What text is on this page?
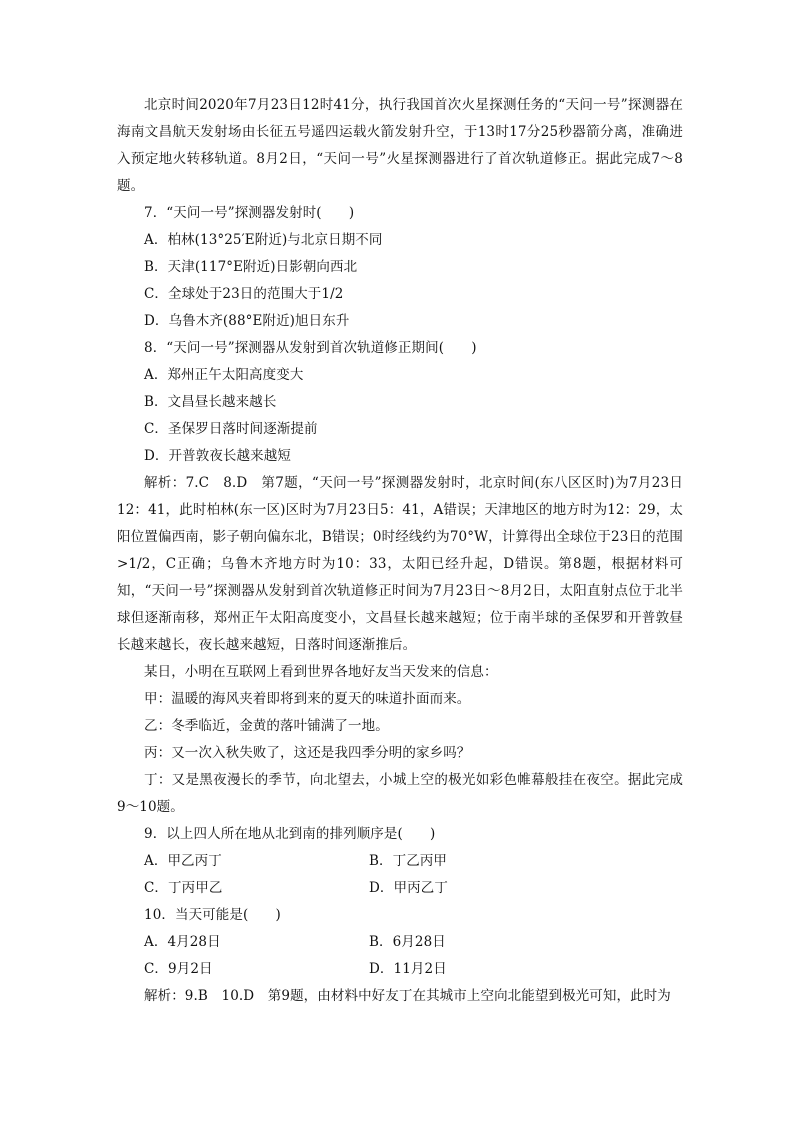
北京时间2020年7月23日12时41分，执行我国首次火星探测任务的“天问一号”探测器在海南文昌航天发射场由长征五号遥四运载火箭发射升空，于13时17分25秒器箭分离，准确进入预定地火转移轨道。8月2日，“天问一号”火星探测器进行了首次轨道修正。据此完成7～8题。

7．“天问一号”探测器发射时(　　)

A．柏林(13°25′E附近)与北京日期不同

B．天津(117°E附近)日影朝向西北

C．全球处于23日的范围大于1/2

D．乌鲁木齐(88°E附近)旭日东升

8．“天问一号”探测器从发射到首次轨道修正期间(　　)

A．郑州正午太阳高度变大

B．文昌昼长越来越长

C．圣保罗日落时间逐渐提前

D．开普敦夜长越来越短

解析：7.C　8.D　第7题，“天问一号”探测器发射时，北京时间(东八区区时)为7月23日12：41，此时柏林(东一区)区时为7月23日5：41，A错误；天津地区的地方时为12：29，太阳位置偏西南，影子朝向偏东北，B错误；0时经线约为70°W，计算得出全球位于23日的范围>1/2，C正确；乌鲁木齐地方时为10：33，太阳已经升起，D错误。第8题，根据材料可知，“天问一号”探测器从发射到首次轨道修正时间为7月23日～8月2日，太阳直射点位于北半球但逐渐南移，郑州正午太阳高度变小，文昌昼长越来越短；位于南半球的圣保罗和开普敦昼长越来越长，夜长越来越短，日落时间逐渐推后。

某日，小明在互联网上看到世界各地好友当天发来的信息：

甲：温暖的海风夹着即将到来的夏天的味道扑面而来。

乙：冬季临近，金黄的落叶铺满了一地。

丙：又一次入秋失败了，这还是我四季分明的家乡吗？

丁：又是黑夜漫长的季节，向北望去，小城上空的极光如彩色帷幕般挂在夜空。据此完成9～10题。

9．以上四人所在地从北到南的排列顺序是(　　)

A．甲乙丙丁	B．丁乙丙甲
C．丁丙甲乙	D．甲丙乙丁

10．当天可能是(　　)

A．4月28日	B．6月28日
C．9月2日	D．11月2日

解析：9.B　10.D　第9题，由材料中好友丁在其城市上空向北能望到极光可知，此时为
